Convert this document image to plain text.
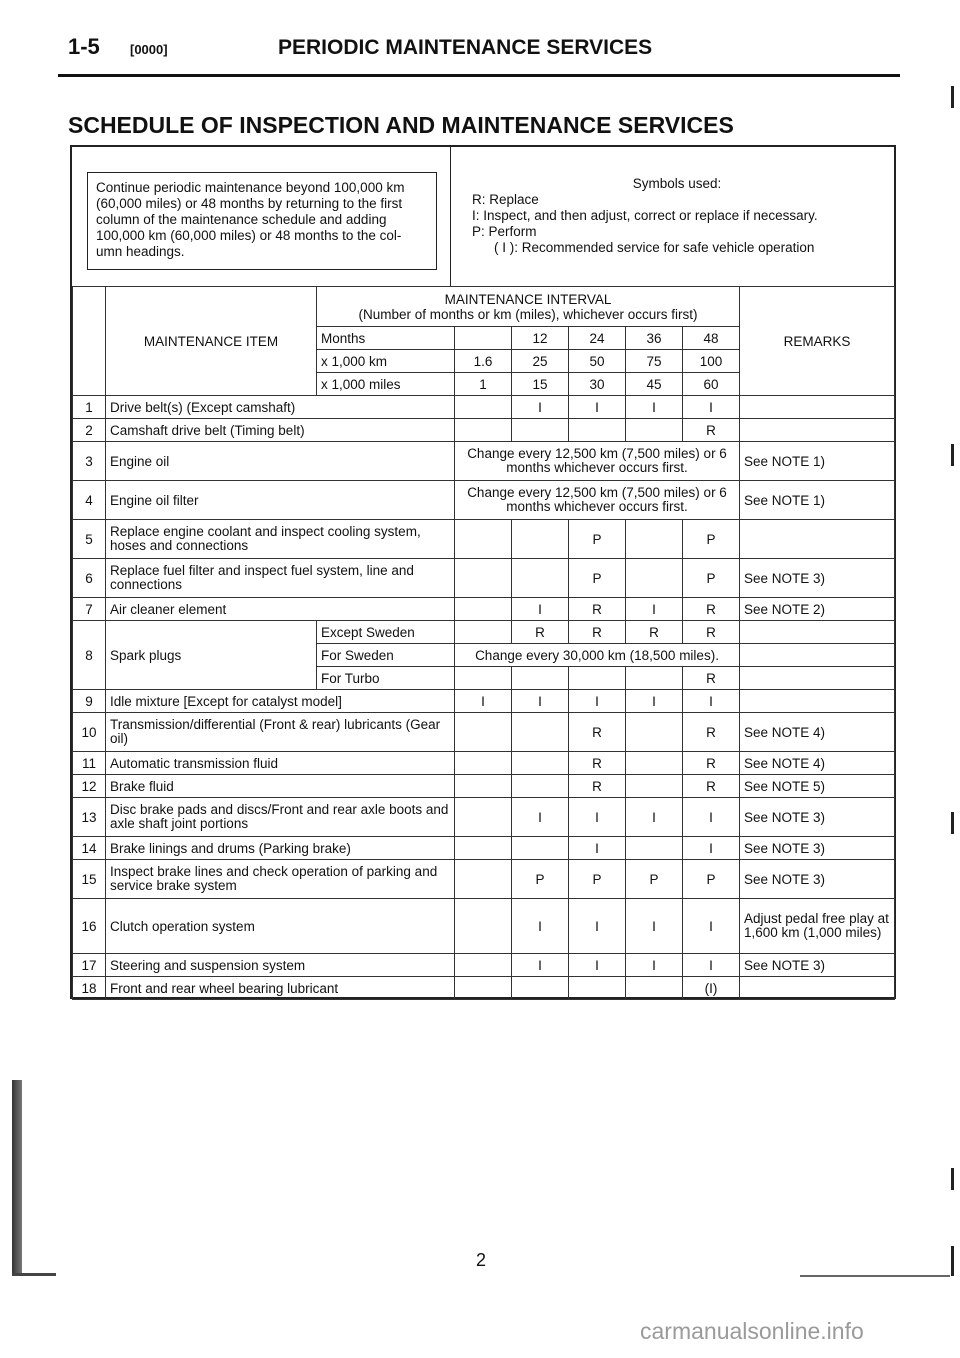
1-5	[0000]	PERIODIC MAINTENANCE SERVICES
SCHEDULE OF INSPECTION AND MAINTENANCE SERVICES
Continue periodic maintenance beyond 100,000 km
(60,000 miles) or 48 months by returning to the first
column of the maintenance schedule and adding
100,000 km (60,000 miles) or 48 months to the col-
umn headings.
Symbols used:
R: Replace
I: Inspect, and then adjust, correct or replace if necessary.
P: Perform
( I ): Recommended service for safe vehicle operation
	MAINTENANCE ITEM	MAINTENANCE INTERVAL
(Number of months or km (miles), whichever occurs first)						REMARKS
		Months		12	24	36	48	
		x 1,000 km	1.6	25	50	75	100	
		x 1,000 miles	1	15	30	45	60	
1	Drive belt(s) (Except camshaft)			I	I	I	I	
2	Camshaft drive belt (Timing belt)						R	
3	Engine oil		Change every 12,500 km (7,500 miles) or 6 months whichever occurs first.					See NOTE 1)
4	Engine oil filter		Change every 12,500 km (7,500 miles) or 6 months whichever occurs first.					See NOTE 1)
5	Replace engine coolant and inspect cooling system, hoses and connections				P		P	
6	Replace fuel filter and inspect fuel system, line and connections				P		P	See NOTE 3)
7	Air cleaner element			I	R	I	R	See NOTE 2)
8	Spark plugs	Except Sweden		R	R	R	R	
		For Sweden	Change every 30,000 km (18,500 miles).					
		For Turbo					R	
9	Idle mixture [Except for catalyst model]		I	I	I	I	I	
10	Transmission/differential (Front & rear) lubricants (Gear oil)				R		R	See NOTE 4)
11	Automatic transmission fluid				R		R	See NOTE 4)
12	Brake fluid				R		R	See NOTE 5)
13	Disc brake pads and discs/Front and rear axle boots and axle shaft joint portions			I	I	I	I	See NOTE 3)
14	Brake linings and drums (Parking brake)				I		I	See NOTE 3)
15	Inspect brake lines and check operation of parking and service brake system			P	P	P	P	See NOTE 3)
16	Clutch operation system			I	I	I	I	Adjust pedal free play at 1,600 km (1,000 miles)
17	Steering and suspension system			I	I	I	I	See NOTE 3)
18	Front and rear wheel bearing lubricant						(I)	
2
carmanualsonline.info
